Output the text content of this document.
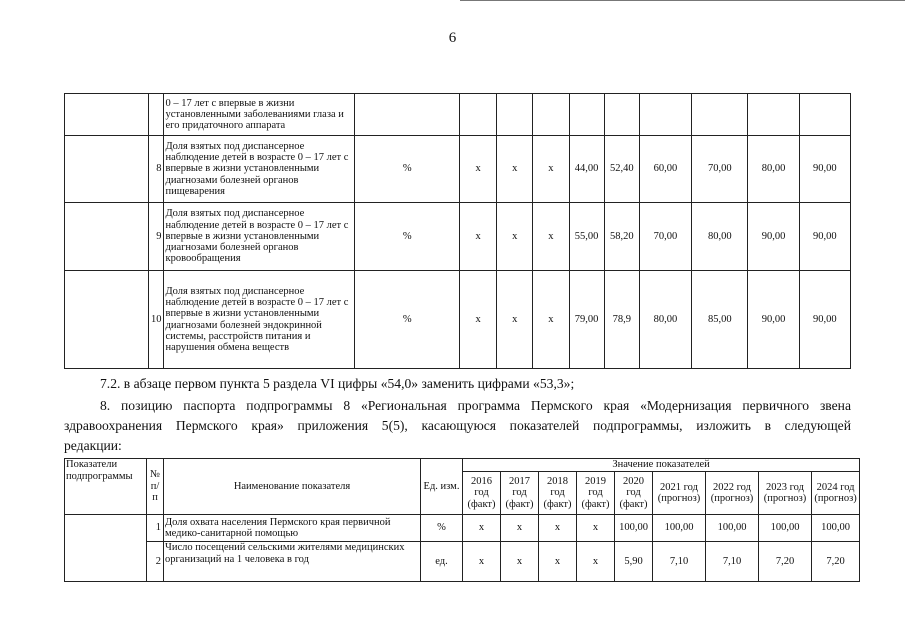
6
		0 – 17 лет с впервые в жизни установленными заболеваниями глаза и его придаточного аппарата										
	8	Доля взятых под диспансерное наблюдение детей в возрасте 0 – 17 лет с впервые в жизни установленными диагнозами болезней органов пищеварения	%	x	x	x	44,00	52,40	60,00	70,00	80,00	90,00
	9	Доля взятых под диспансерное наблюдение детей в возрасте 0 – 17 лет с впервые в жизни установленными диагнозами болезней органов кровообращения	%	x	x	x	55,00	58,20	70,00	80,00	90,00	90,00
	10	Доля взятых под диспансерное наблюдение детей в возрасте 0 – 17 лет с впервые в жизни установленными диагнозами болезней эндокринной системы, расстройств питания и нарушения обмена веществ	%	x	x	x	79,00	78,9	80,00	85,00	90,00	90,00
7.2. в абзаце первом пункта 5 раздела VI цифры «54,0» заменить цифрами «53,3»;
8. позицию паспорта подпрограммы 8 «Региональная программа Пермского края «Модернизация первичного звена
здравоохранения Пермского края» приложения 5(5), касающуюся показателей подпрограммы, изложить в следующей
редакции:
Показатели подпрограммы	№ п/п	Наименование показателя	Ед. изм.	Значение показателей								
				2016 год (факт)	2017 год (факт)	2018 год (факт)	2019 год (факт)	2020 год (факт)	2021 год (прогноз)	2022 год (прогноз)	2023 год (прогноз)	2024 год (прогноз)
	1	Доля охвата населения Пермского края первичной медико-санитарной помощью	%	x	x	x	x	100,00	100,00	100,00	100,00	100,00
	2	Число посещений сельскими жителями медицинских организаций на 1 человека в год	ед.	x	x	x	x	5,90	7,10	7,10	7,20	7,20
